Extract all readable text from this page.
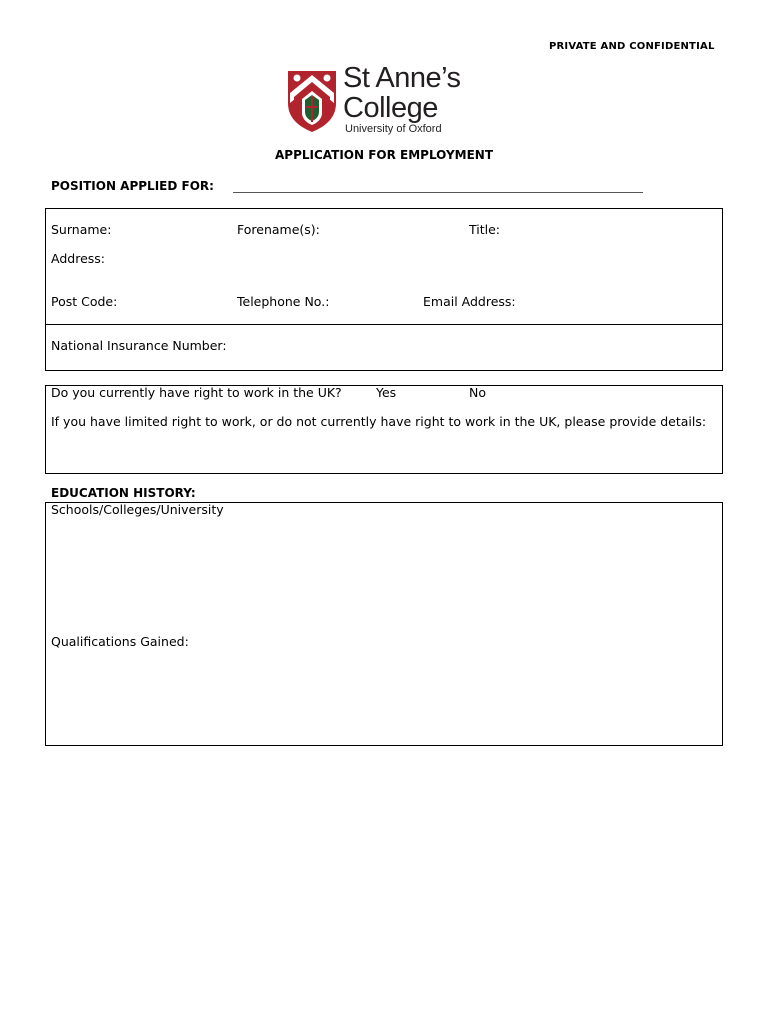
PRIVATE AND CONFIDENTIAL
St Anne’s
College
University of Oxford
APPLICATION FOR EMPLOYMENT
POSITION APPLIED FOR:
Surname:	Forename(s):	Title:
Address:
Post Code:	Telephone No.:	Email Address:
National Insurance Number:
Do you currently have right to work in the UK?	Yes	No
If you have limited right to work, or do not currently have right to work in the UK, please provide details:
EDUCATION HISTORY:
Schools/Colleges/University
Qualifications Gained:
